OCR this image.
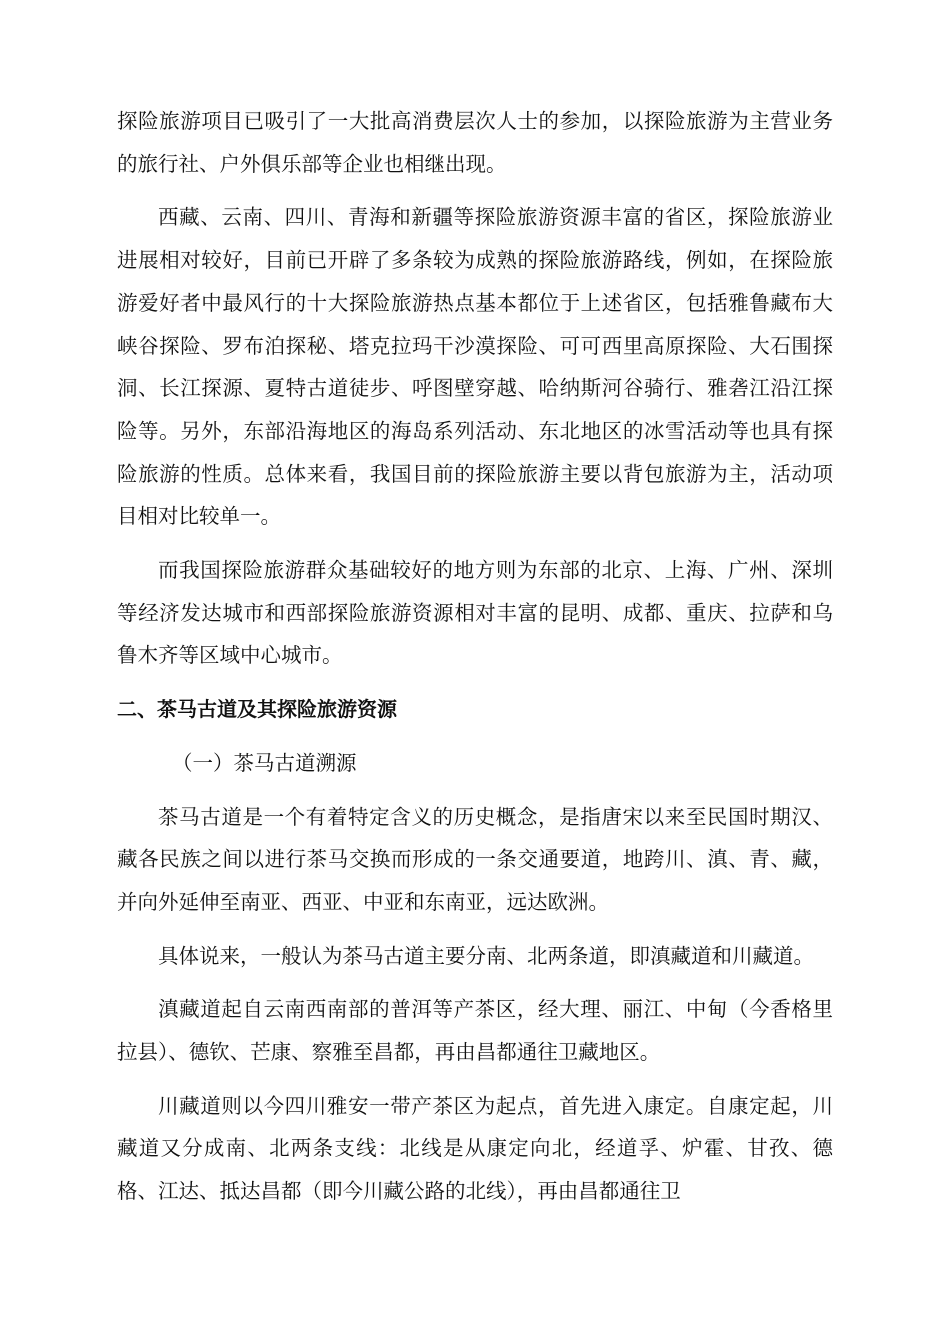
探险旅游项目已吸引了一大批高消费层次人士的参加，以探险旅游为主营业务的旅行社、户外俱乐部等企业也相继出现。

西藏、云南、四川、青海和新疆等探险旅游资源丰富的省区，探险旅游业进展相对较好，目前已开辟了多条较为成熟的探险旅游路线，例如，在探险旅游爱好者中最风行的十大探险旅游热点基本都位于上述省区，包括雅鲁藏布大峡谷探险、罗布泊探秘、塔克拉玛干沙漠探险、可可西里高原探险、大石围探洞、长江探源、夏特古道徒步、呼图壁穿越、哈纳斯河谷骑行、雅砻江沿江探险等。另外，东部沿海地区的海岛系列活动、东北地区的冰雪活动等也具有探险旅游的性质。总体来看，我国目前的探险旅游主要以背包旅游为主，活动项目相对比较单一。

而我国探险旅游群众基础较好的地方则为东部的北京、上海、广州、深圳等经济发达城市和西部探险旅游资源相对丰富的昆明、成都、重庆、拉萨和乌鲁木齐等区域中心城市。

二、茶马古道及其探险旅游资源
（一）茶马古道溯源

茶马古道是一个有着特定含义的历史概念，是指唐宋以来至民国时期汉、藏各民族之间以进行茶马交换而形成的一条交通要道，地跨川、滇、青、藏，并向外延伸至南亚、西亚、中亚和东南亚，远达欧洲。

具体说来，一般认为茶马古道主要分南、北两条道，即滇藏道和川藏道。

滇藏道起自云南西南部的普洱等产茶区，经大理、丽江、中甸（今香格里拉县）、德钦、芒康、察雅至昌都，再由昌都通往卫藏地区。

川藏道则以今四川雅安一带产茶区为起点，首先进入康定。自康定起，川藏道又分成南、北两条支线：北线是从康定向北，经道孚、炉霍、甘孜、德格、江达、抵达昌都（即今川藏公路的北线），再由昌都通往卫
